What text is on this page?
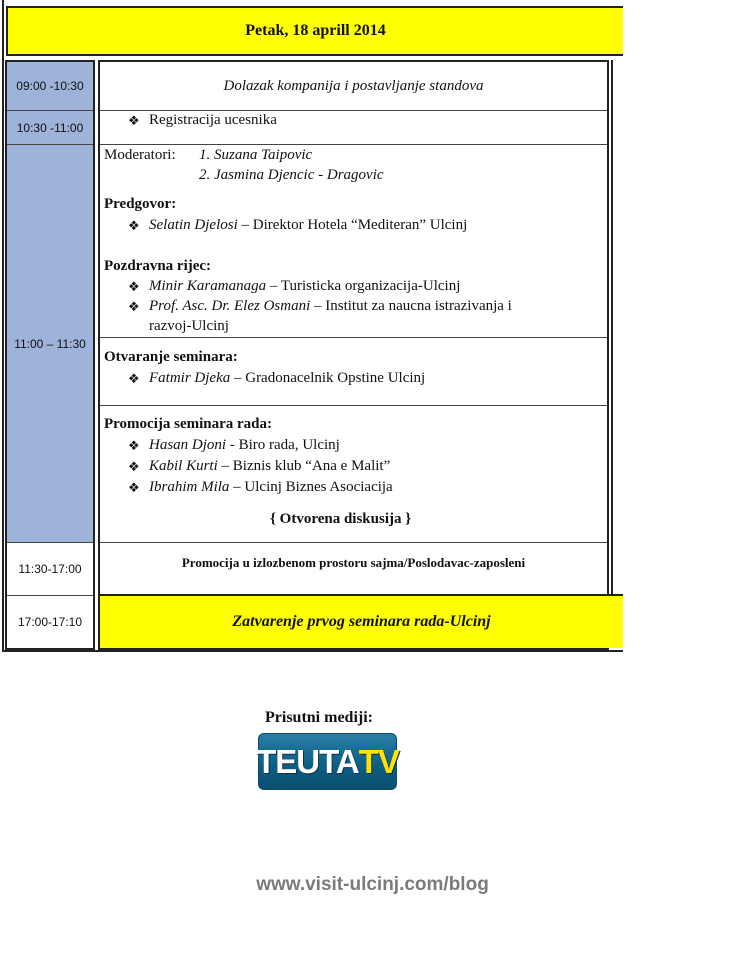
Petak, 18 aprill 2014
09:00 -10:30
10:30 -11:00
11:00 – 11:30
11:30-17:00
17:00-17:10
Dolazak kompanija i postavljanje standova
❖ Registracija ucesnika
Moderatori: 1. Suzana Taipovic
2. Jasmina Djencic - Dragovic
Predgovor:
❖ Selatin Djelosi – Direktor Hotela “Mediteran” Ulcinj
Pozdravna rijec:
❖ Minir Karamanaga – Turisticka organizacija-Ulcinj
❖ Prof. Asc. Dr. Elez Osmani – Institut za naucna istrazivanja i
razvoj-Ulcinj
Otvaranje seminara:
❖ Fatmir Djeka – Gradonacelnik Opstine Ulcinj
Promocija seminara rada:
❖ Hasan Djoni - Biro rada, Ulcinj
❖ Kabil Kurti – Biznis klub “Ana e Malit”
❖ Ibrahim Mila – Ulcinj Biznes Asociacija
{ Otvorena diskusija }
Promocija u izlozbenom prostoru sajma/Poslodavac-zaposleni
Zatvarenje prvog seminara rada-Ulcinj
Prisutni mediji:
TEUTA TV
www.visit-ulcinj.com/blog
